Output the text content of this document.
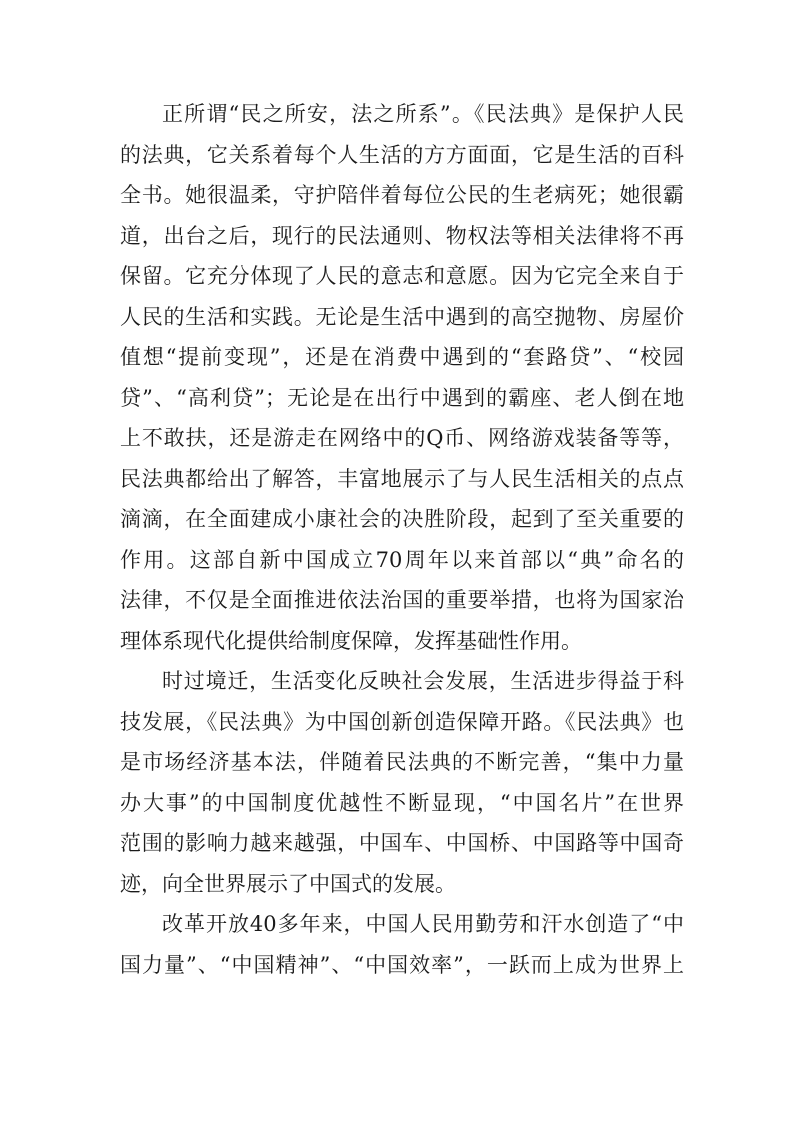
正所谓“民之所安，法之所系”。《民法典》是保护人民
的法典，它关系着每个人生活的方方面面，它是生活的百科
全书。她很温柔，守护陪伴着每位公民的生老病死；她很霸
道，出台之后，现行的民法通则、物权法等相关法律将不再
保留。它充分体现了人民的意志和意愿。因为它完全来自于
人民的生活和实践。无论是生活中遇到的高空抛物、房屋价
值想“提前变现”，还是在消费中遇到的“套路贷”、“校园
贷”、“高利贷”；无论是在出行中遇到的霸座、老人倒在地
上不敢扶，还是游走在网络中的Q币、网络游戏装备等等，
民法典都给出了解答，丰富地展示了与人民生活相关的点点
滴滴，在全面建成小康社会的决胜阶段，起到了至关重要的
作用。这部自新中国成立70周年以来首部以“典”命名的
法律，不仅是全面推进依法治国的重要举措，也将为国家治
理体系现代化提供给制度保障，发挥基础性作用。
时过境迁，生活变化反映社会发展，生活进步得益于科
技发展，《民法典》为中国创新创造保障开路。《民法典》也
是市场经济基本法，伴随着民法典的不断完善，“集中力量
办大事”的中国制度优越性不断显现，“中国名片”在世界
范围的影响力越来越强，中国车、中国桥、中国路等中国奇
迹，向全世界展示了中国式的发展。
改革开放40多年来，中国人民用勤劳和汗水创造了“中
国力量”、“中国精神”、“中国效率”，一跃而上成为世界上
